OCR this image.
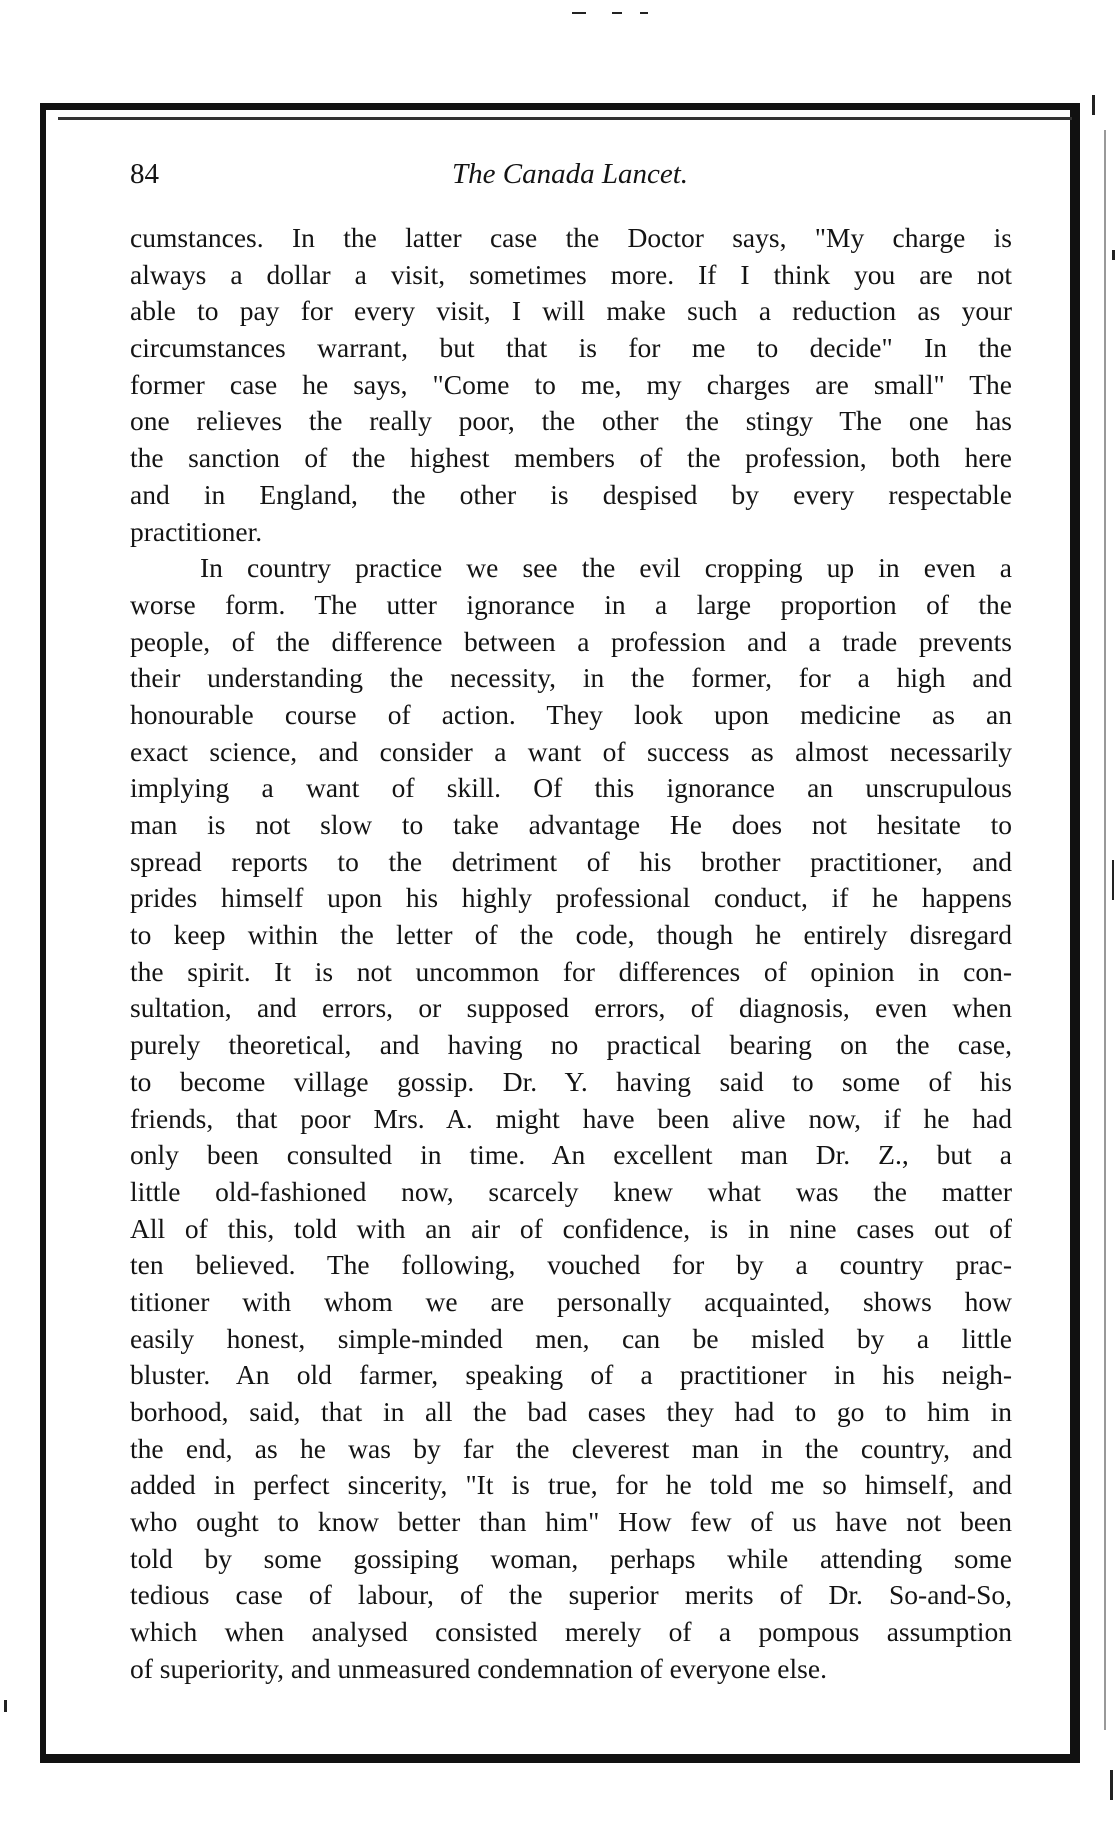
84	The Canada Lancet.
cumstances. In the latter case the Doctor says, "My charge is
always a dollar a visit, sometimes more. If I think you are not
able to pay for every visit, I will make such a reduction as your
circumstances warrant, but that is for me to decide" In the
former case he says, "Come to me, my charges are small" The
one relieves the really poor, the other the stingy The one has
the sanction of the highest members of the profession, both here
and in England, the other is despised by every respectable
practitioner.
In country practice we see the evil cropping up in even a
worse form. The utter ignorance in a large proportion of the
people, of the difference between a profession and a trade prevents
their understanding the necessity, in the former, for a high and
honourable course of action. They look upon medicine as an
exact science, and consider a want of success as almost necessarily
implying a want of skill. Of this ignorance an unscrupulous
man is not slow to take advantage He does not hesitate to
spread reports to the detriment of his brother practitioner, and
prides himself upon his highly professional conduct, if he happens
to keep within the letter of the code, though he entirely disregard
the spirit. It is not uncommon for differences of opinion in con-
sultation, and errors, or supposed errors, of diagnosis, even when
purely theoretical, and having no practical bearing on the case,
to become village gossip. Dr. Y. having said to some of his
friends, that poor Mrs. A. might have been alive now, if he had
only been consulted in time. An excellent man Dr. Z., but a
little old-fashioned now, scarcely knew what was the matter
All of this, told with an air of confidence, is in nine cases out of
ten believed. The following, vouched for by a country prac-
titioner with whom we are personally acquainted, shows how
easily honest, simple-minded men, can be misled by a little
bluster. An old farmer, speaking of a practitioner in his neigh-
borhood, said, that in all the bad cases they had to go to him in
the end, as he was by far the cleverest man in the country, and
added in perfect sincerity, "It is true, for he told me so himself, and
who ought to know better than him" How few of us have not been
told by some gossiping woman, perhaps while attending some
tedious case of labour, of the superior merits of Dr. So-and-So,
which when analysed consisted merely of a pompous assumption
of superiority, and unmeasured condemnation of everyone else.
